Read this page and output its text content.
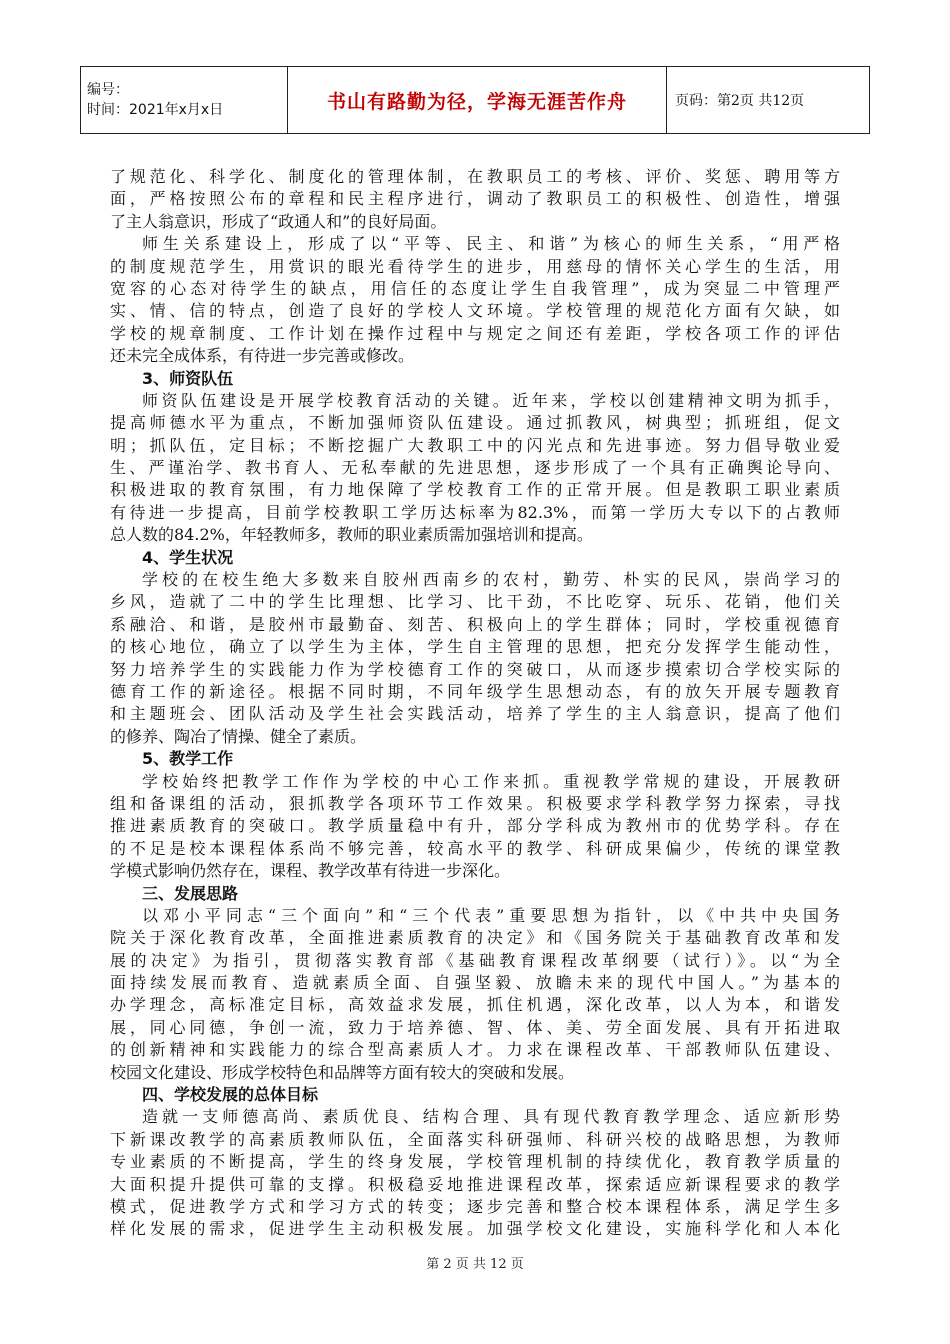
编号：
时间：2021年x月x日	书山有路勤为径，学海无涯苦作舟	页码：第2页 共12页
了规范化、科学化、制度化的管理体制，在教职员工的考核、评价、奖惩、聘用等方
面，严格按照公布的章程和民主程序进行，调动了教职员工的积极性、创造性，增强
了主人翁意识，形成了“政通人和”的良好局面。
师生关系建设上，形成了以“平等、民主、和谐”为核心的师生关系，“用严格
的制度规范学生，用赏识的眼光看待学生的进步，用慈母的情怀关心学生的生活，用
宽容的心态对待学生的缺点，用信任的态度让学生自我管理”，成为突显二中管理严
实、情、信的特点，创造了良好的学校人文环境。学校管理的规范化方面有欠缺，如
学校的规章制度、工作计划在操作过程中与规定之间还有差距，学校各项工作的评估
还未完全成体系，有待进一步完善或修改。
3、师资队伍
师资队伍建设是开展学校教育活动的关键。近年来，学校以创建精神文明为抓手，
提高师德水平为重点，不断加强师资队伍建设。通过抓教风，树典型；抓班组，促文
明；抓队伍，定目标；不断挖掘广大教职工中的闪光点和先进事迹。努力倡导敬业爱
生、严谨治学、教书育人、无私奉献的先进思想，逐步形成了一个具有正确舆论导向、
积极进取的教育氛围，有力地保障了学校教育工作的正常开展。但是教职工职业素质
有待进一步提高，目前学校教职工学历达标率为82.3%，而第一学历大专以下的占教师
总人数的84.2%，年轻教师多，教师的职业素质需加强培训和提高。
4、学生状况
学校的在校生绝大多数来自胶州西南乡的农村，勤劳、朴实的民风，崇尚学习的
乡风，造就了二中的学生比理想、比学习、比干劲，不比吃穿、玩乐、花销，他们关
系融洽、和谐，是胶州市最勤奋、刻苦、积极向上的学生群体；同时，学校重视德育
的核心地位，确立了以学生为主体，学生自主管理的思想，把充分发挥学生能动性，
努力培养学生的实践能力作为学校德育工作的突破口，从而逐步摸索切合学校实际的
德育工作的新途径。根据不同时期，不同年级学生思想动态，有的放矢开展专题教育
和主题班会、团队活动及学生社会实践活动，培养了学生的主人翁意识，提高了他们
的修养、陶冶了情操、健全了素质。
5、教学工作
学校始终把教学工作作为学校的中心工作来抓。重视教学常规的建设，开展教研
组和备课组的活动，狠抓教学各项环节工作效果。积极要求学科教学努力探索，寻找
推进素质教育的突破口。教学质量稳中有升，部分学科成为教州市的优势学科。存在
的不足是校本课程体系尚不够完善，较高水平的教学、科研成果偏少，传统的课堂教
学模式影响仍然存在，课程、教学改革有待进一步深化。
三、发展思路
以邓小平同志“三个面向”和“三个代表”重要思想为指针，以《中共中央国务
院关于深化教育改革，全面推进素质教育的决定》和《国务院关于基础教育改革和发
展的决定》为指引，贯彻落实教育部《基础教育课程改革纲要（试行）》。以“为全
面持续发展而教育、造就素质全面、自强坚毅、放瞻未来的现代中国人。”为基本的
办学理念，高标准定目标，高效益求发展，抓住机遇，深化改革，以人为本，和谐发
展，同心同德，争创一流，致力于培养德、智、体、美、劳全面发展、具有开拓进取
的创新精神和实践能力的综合型高素质人才。力求在课程改革、干部教师队伍建设、
校园文化建设、形成学校特色和品牌等方面有较大的突破和发展。
四、学校发展的总体目标
造就一支师德高尚、素质优良、结构合理、具有现代教育教学理念、适应新形势
下新课改教学的高素质教师队伍，全面落实科研强师、科研兴校的战略思想，为教师
专业素质的不断提高，学生的终身发展，学校管理机制的持续优化，教育教学质量的
大面积提升提供可靠的支撑。积极稳妥地推进课程改革，探索适应新课程要求的教学
模式，促进教学方式和学习方式的转变；逐步完善和整合校本课程体系，满足学生多
样化发展的需求，促进学生主动积极发展。加强学校文化建设，实施科学化和人本化
第 2 页 共 12 页
